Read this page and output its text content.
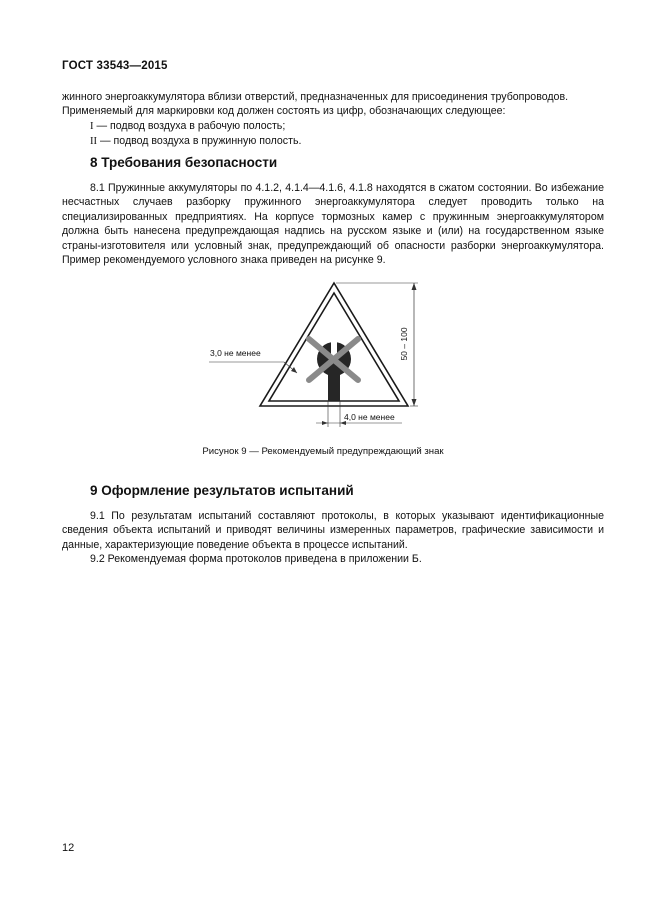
ГОСТ 33543—2015

жинного энергоаккумулятора вблизи отверстий, предназначенных для присоединения трубопроводов.

Применяемый для маркировки код должен состоять из цифр, обозначающих следующее:

I — подвод воздуха в рабочую полость;

II — подвод воздуха в пружинную полость.

8 Требования безопасности

8.1 Пружинные аккумуляторы по 4.1.2, 4.1.4—4.1.6, 4.1.8 находятся в сжатом состоянии. Во избежание несчастных случаев разборку пружинного энергоаккумулятора следует проводить только на специализированных предприятиях. На корпусе тормозных камер с пружинным энергоаккумулятором должна быть нанесена предупреждающая надпись на русском языке и (или) на государственном языке страны-изготовителя или условный знак, предупреждающий об опасности разборки энергоаккумулятора. Пример рекомендуемого условного знака приведен на рисунке 9.

50 – 100
3,0 не менее
4,0 не менее
Рисунок 9 — Рекомендуемый предупреждающий знак
9 Оформление результатов испытаний

9.1 По результатам испытаний составляют протоколы, в которых указывают идентификационные сведения объекта испытаний и приводят величины измеренных параметров, графические зависимости и данные, характеризующие поведение объекта в процессе испытаний.

9.2 Рекомендуемая форма протоколов приведена в приложении Б.

12
